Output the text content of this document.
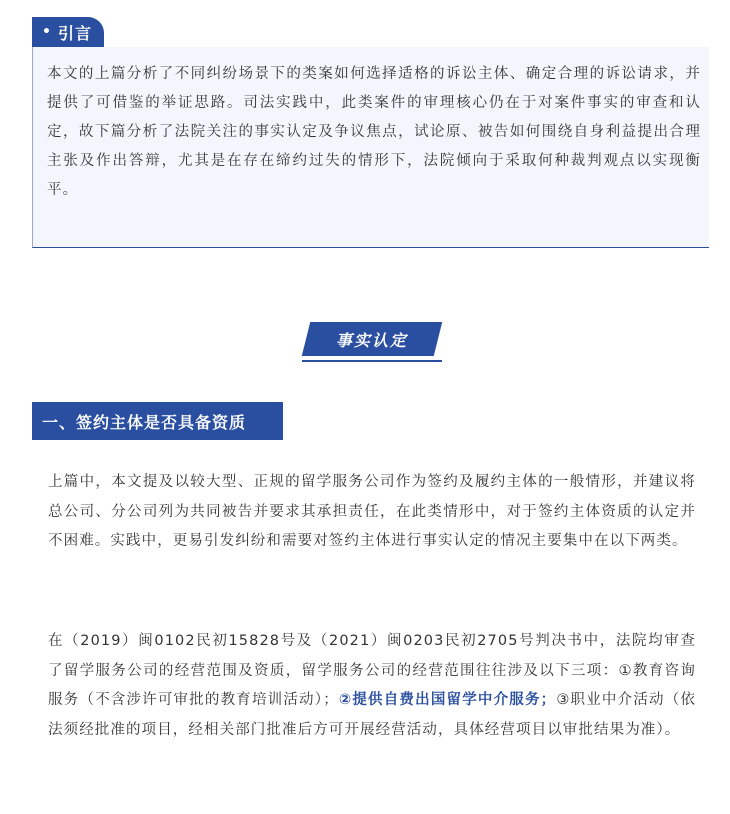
• 引言

本文的上篇分析了不同纠纷场景下的类案如何选择适格的诉讼主体、确定合理的诉讼请求，并提供了可借鉴的举证思路。司法实践中，此类案件的审理核心仍在于对案件事实的审查和认定，故下篇分析了法院关注的事实认定及争议焦点，试论原、被告如何围绕自身利益提出合理主张及作出答辩，尤其是在存在缔约过失的情形下，法院倾向于采取何种裁判观点以实现衡平。

事实认定
一、签约主体是否具备资质

上篇中，本文提及以较大型、正规的留学服务公司作为签约及履约主体的一般情形，并建议将总公司、分公司列为共同被告并要求其承担责任，在此类情形中，对于签约主体资质的认定并不困难。实践中，更易引发纠纷和需要对签约主体进行事实认定的情况主要集中在以下两类。

在（2019）闽0102民初15828号及（2021）闽0203民初2705号判决书中，法院均审查了留学服务公司的经营范围及资质，留学服务公司的经营范围往往涉及以下三项：①教育咨询服务（不含涉许可审批的教育培训活动）；②提供自费出国留学中介服务；③职业中介活动（依法须经批准的项目，经相关部门批准后方可开展经营活动，具体经营项目以审批结果为准）。
